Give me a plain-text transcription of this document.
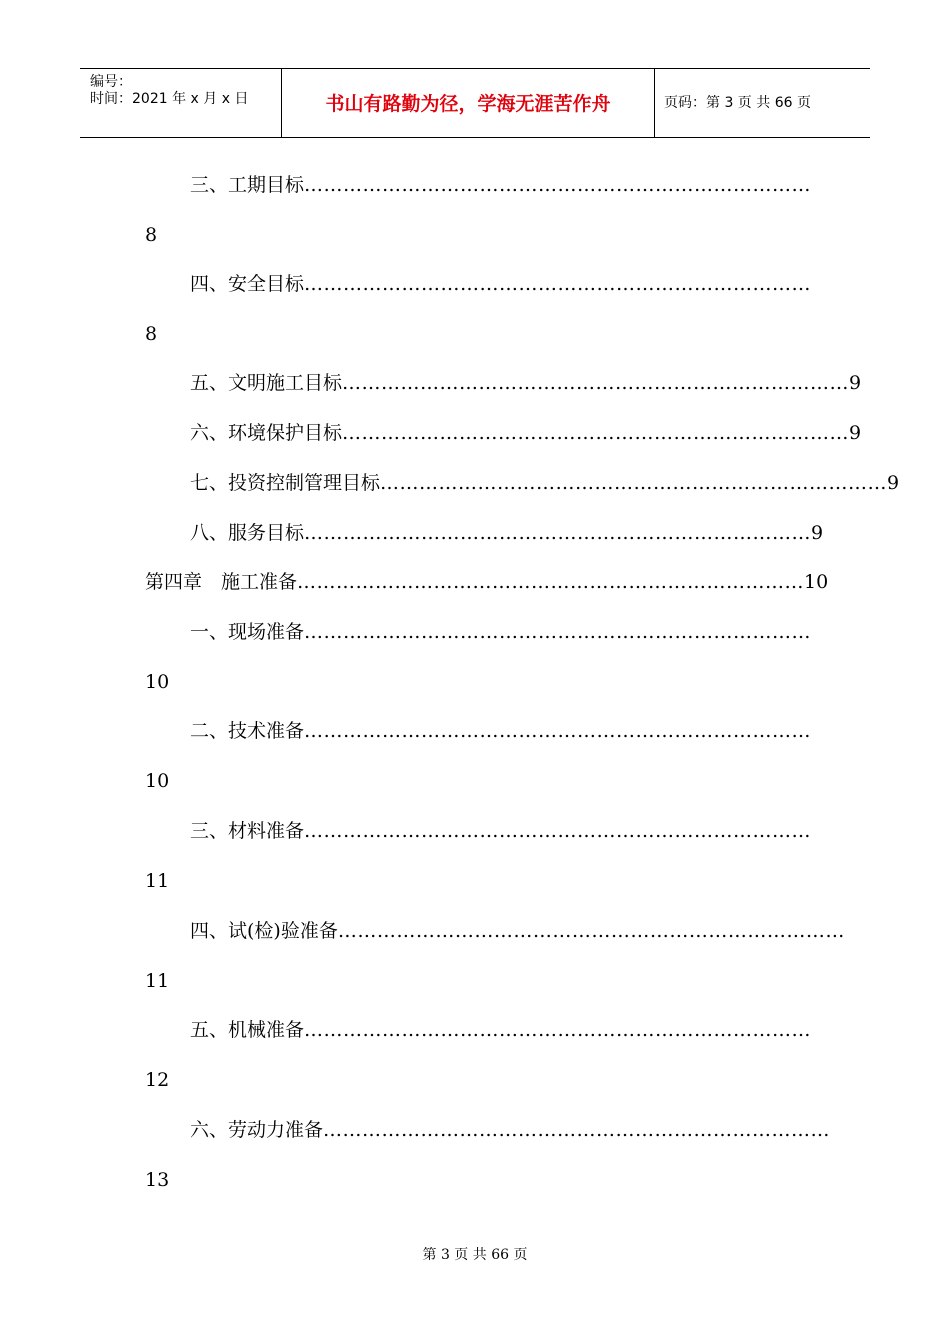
编号：
时间：2021 年 x 月 x 日	书山有路勤为径，学海无涯苦作舟	页码：第 3 页 共 66 页
三、工期目标 ……………………………………………………………………
8
四、安全目标 ……………………………………………………………………
8
五、文明施工目标 …………………………………………………………………… 9
六、环境保护目标 …………………………………………………………………… 9
七、投资控制管理目标 …………………………………………………………………… 9
八、服务目标 …………………………………………………………………… 9
第四章　施工准备 …………………………………………………………………… 10
一、现场准备 ……………………………………………………………………
10
二、技术准备 ……………………………………………………………………
10
三、材料准备 ……………………………………………………………………
11
四、试(检)验准备 ……………………………………………………………………
11
五、机械准备 ……………………………………………………………………
12
六、劳动力准备 ……………………………………………………………………
13
第 3 页 共 66 页
